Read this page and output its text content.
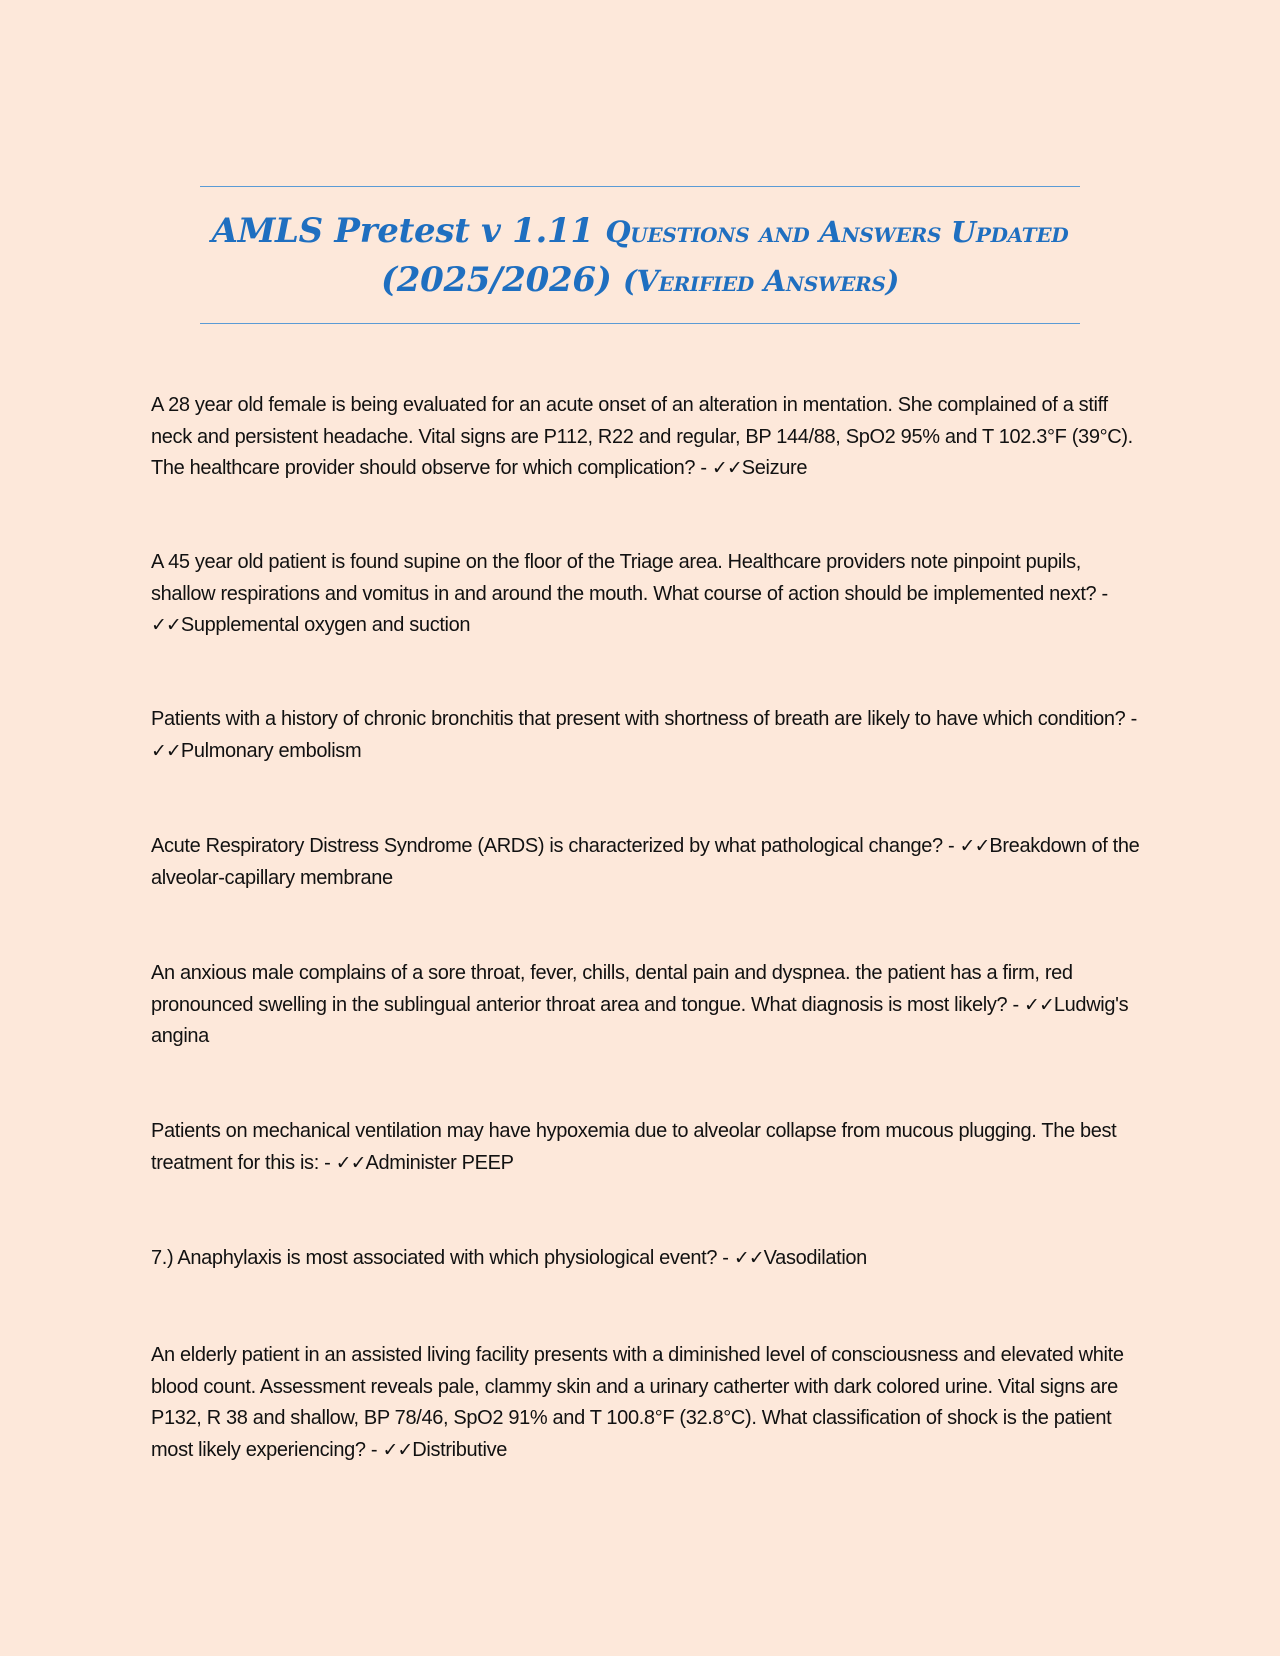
AMLS Pretest v 1.11 Questions and Answers Updated
(2025/2026) (Verified Answers)

A 28 year old female is being evaluated for an acute onset of an alteration in mentation. She complained of a stiff neck and persistent headache. Vital signs are P112, R22 and regular, BP 144/88, SpO2 95% and T 102.3°F (39°C). The healthcare provider should observe for which complication? - ✓✓Seizure

A 45 year old patient is found supine on the floor of the Triage area. Healthcare providers note pinpoint pupils, shallow respirations and vomitus in and around the mouth. What course of action should be implemented next? - ✓✓Supplemental oxygen and suction

Patients with a history of chronic bronchitis that present with shortness of breath are likely to have which condition? - ✓✓Pulmonary embolism

Acute Respiratory Distress Syndrome (ARDS) is characterized by what pathological change? - ✓✓Breakdown of the alveolar-capillary membrane

An anxious male complains of a sore throat, fever, chills, dental pain and dyspnea. the patient has a firm, red pronounced swelling in the sublingual anterior throat area and tongue. What diagnosis is most likely? - ✓✓Ludwig's angina

Patients on mechanical ventilation may have hypoxemia due to alveolar collapse from mucous plugging. The best treatment for this is: - ✓✓Administer PEEP

7.) Anaphylaxis is most associated with which physiological event? - ✓✓Vasodilation

An elderly patient in an assisted living facility presents with a diminished level of consciousness and elevated white blood count. Assessment reveals pale, clammy skin and a urinary catherter with dark colored urine. Vital signs are P132, R 38 and shallow, BP 78/46, SpO2 91% and T 100.8°F (32.8°C). What classification of shock is the patient most likely experiencing? - ✓✓Distributive
